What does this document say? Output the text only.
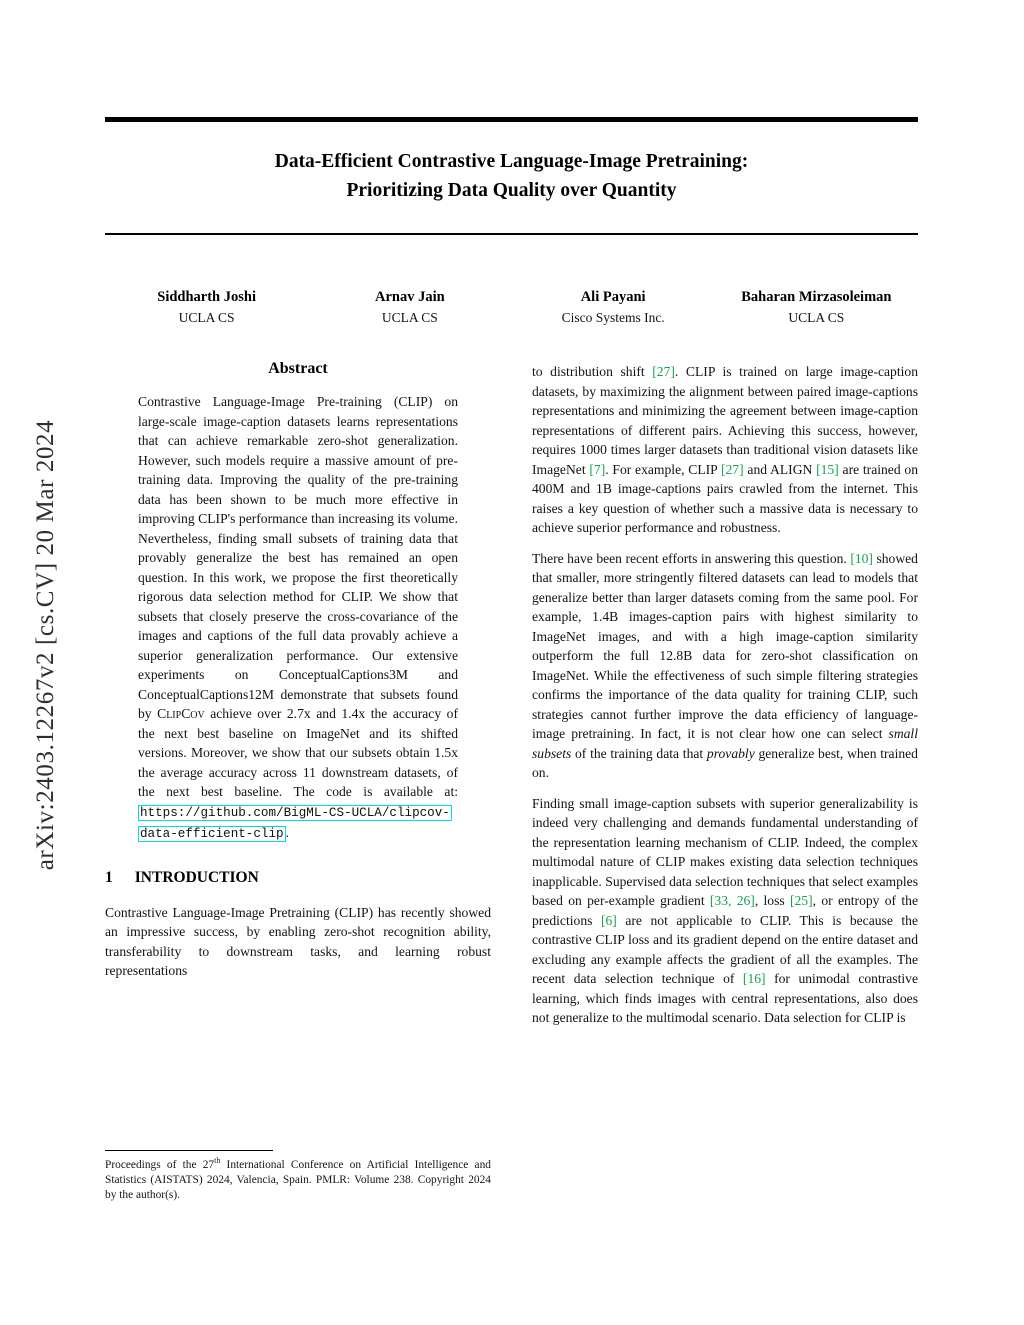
arXiv:2403.12267v2 [cs.CV] 20 Mar 2024
Data-Efficient Contrastive Language-Image Pretraining:
Prioritizing Data Quality over Quantity
Siddharth Joshi
UCLA CS
Arnav Jain
UCLA CS
Ali Payani
Cisco Systems Inc.
Baharan Mirzasoleiman
UCLA CS
Abstract

Contrastive Language-Image Pre-training (CLIP) on large-scale image-caption datasets learns representations that can achieve remarkable zero-shot generalization. However, such models require a massive amount of pre-training data. Improving the quality of the pre-training data has been shown to be much more effective in improving CLIP's performance than increasing its volume. Nevertheless, finding small subsets of training data that provably generalize the best has remained an open question. In this work, we propose the first theoretically rigorous data selection method for CLIP. We show that subsets that closely preserve the cross-covariance of the images and captions of the full data provably achieve a superior generalization performance. Our extensive experiments on ConceptualCaptions3M and ConceptualCaptions12M demonstrate that subsets found by ClipCov achieve over 2.7x and 1.4x the accuracy of the next best baseline on ImageNet and its shifted versions. Moreover, we show that our subsets obtain 1.5x the average accuracy across 11 downstream datasets, of the next best baseline. The code is available at: https://github.com/BigML-CS-UCLA/clipcov-data-efficient-clip .

1 INTRODUCTION

Contrastive Language-Image Pretraining (CLIP) has recently showed an impressive success, by enabling zero-shot recognition ability, transferability to downstream tasks, and learning robust representations

Proceedings of the 27th International Conference on Artificial Intelligence and Statistics (AISTATS) 2024, Valencia, Spain. PMLR: Volume 238. Copyright 2024 by the author(s).

to distribution shift [27]. CLIP is trained on large image-caption datasets, by maximizing the alignment between paired image-captions representations and minimizing the agreement between image-caption representations of different pairs. Achieving this success, however, requires 1000 times larger datasets than traditional vision datasets like ImageNet [7]. For example, CLIP [27] and ALIGN [15] are trained on 400M and 1B image-captions pairs crawled from the internet. This raises a key question of whether such a massive data is necessary to achieve superior performance and robustness.

There have been recent efforts in answering this question. [10] showed that smaller, more stringently filtered datasets can lead to models that generalize better than larger datasets coming from the same pool. For example, 1.4B images-caption pairs with highest similarity to ImageNet images, and with a high image-caption similarity outperform the full 12.8B data for zero-shot classification on ImageNet. While the effectiveness of such simple filtering strategies confirms the importance of the data quality for training CLIP, such strategies cannot further improve the data efficiency of language-image pretraining. In fact, it is not clear how one can select small subsets of the training data that provably generalize best, when trained on.

Finding small image-caption subsets with superior generalizability is indeed very challenging and demands fundamental understanding of the representation learning mechanism of CLIP. Indeed, the complex multimodal nature of CLIP makes existing data selection techniques inapplicable. Supervised data selection techniques that select examples based on per-example gradient [33, 26], loss [25], or entropy of the predictions [6] are not applicable to CLIP. This is because the contrastive CLIP loss and its gradient depend on the entire dataset and excluding any example affects the gradient of all the examples. The recent data selection technique of [16] for unimodal contrastive learning, which finds images with central representations, also does not generalize to the multimodal scenario. Data selection for CLIP is
